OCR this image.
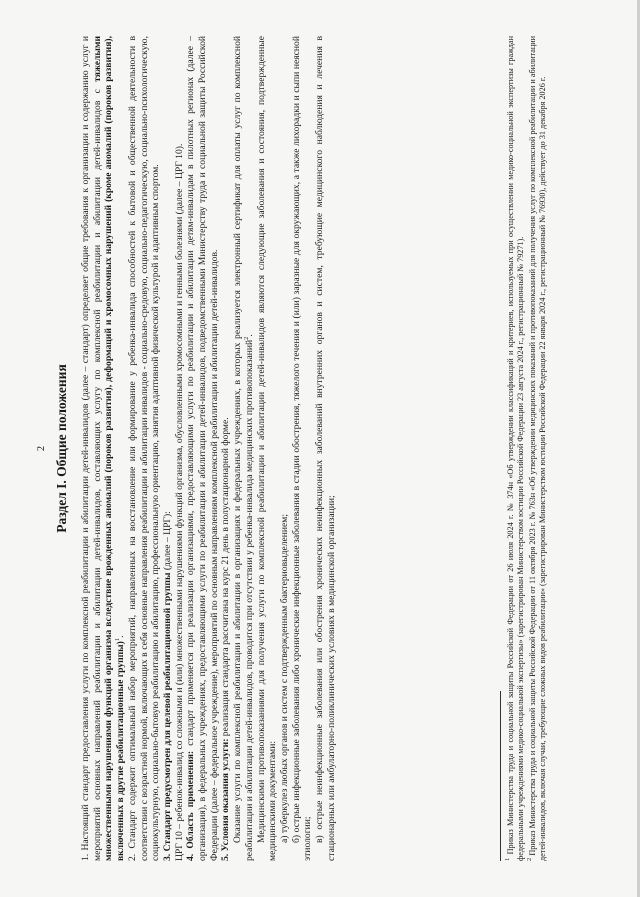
2 Раздел I. Общие положения 1. Настоящий стандарт предоставления услуги по комплексной реабилитации и абилитации детей-инвалидов (далее – стандарт) определяет общие требования к организации и содержанию услуг и мероприятий основных направлений реабилитации и абилитации детей-инвалидов, составляющих услугу по комплексной реабилитации и абилитации детей-инвалидов с тяжелыми множественными нарушениями функций организма вследствие врожденных аномалий (пороков развития), деформаций и хромосомных нарушений (кроме аномалий (пороков развития), включенных в другие реабилитационные группы)$^1$. 2. Стандарт содержит оптимальный набор мероприятий, направленных на восстановление или формирование у ребенка-инвалида способностей к бытовой и общественной деятельности в соответствии с возрастной нормой, включающих в себя основные направления реабилитации и абилитации инвалидов - социально-средовую, социально-педагогическую, социально-психологическую, социокультурную, социально-бытовую реабилитацию и абилитацию, профессиональную ориентацию, занятия адаптивной физической культурой и адаптивным спортом. 3. Стандарт предусмотрен для целевой реабилитационной группы (далее – ЦРГ): ЦРГ 10 – ребенок-инвалид со сложными и (или) множественными нарушениями функций организма, обусловленными хромосомными и генными болезнями (далее – ЦРГ 10). 4. Область применения: стандарт применяется при реализации организациями, предоставляющими услуги по реабилитации и абилитации детям-инвалидам в пилотных регионах (далее – организация), в федеральных учреждениях, предоставляющими услуги по реабилитации и абилитации детей-инвалидов, подведомственными Министерству труда и социальной защиты Российской Федерации (далее – федеральное учреждение), мероприятий по основным направлениям комплексной реабилитации и абилитации детей-инвалидов. 5. Условия оказания услуги: реализация стандарта рассчитана на курс 21 день в полустационарной форме. Оказание услуги по комплексной реабилитации и абилитации в организациях и федеральных учреждениях, в которых реализуется электронный сертификат для оплаты услуг по комплексной реабилитации и абилитации детей-инвалидов, проводится при отсутствии у ребенка-инвалида медицинских противопоказаний$^2$. Медицинскими противопоказаниями для получения услуги по комплексной реабилитации и абилитации детей-инвалидов являются следующие заболевания и состояния, подтвержденные медицинскими документами: а) туберкулез любых органов и систем с подтвержденным бактериовыделением; б) острые инфекционные заболевания либо хронические инфекционные заболевания в стадии обострения, тяжелого течения и (или) заразные для окружающих, а также лихорадки и сыпи неясной этиологии; в) острые неинфекционные заболевания или обострения хронических неинфекционных заболеваний внутренних органов и систем, требующие медицинского наблюдения и лечения в стационарных или амбулаторно-поликлинических условиях в медицинской организации;	$^1$ Приказ Министерства труда и социальной защиты Российской Федерации от 26 июля 2024 г. № 374н «Об утверждении классификаций и критериев, используемых при осуществлении медико-социальной экспертизы граждан федеральными учреждениями медико-социальной экспертизы» (зарегистрирован Министерством юстиции Российской Федерации 23 августа 2024 г., регистрационный № 79271). $^2$ Приказ Министерства труда и социальной защиты Российской Федерации от 11 октября 2023 г. № 763н «Об утверждении медицинских показаний и противопоказаний для получения услуг по комплексной реабилитации и абилитации детей-инвалидов, включая случаи, требующие сложных видов реабилитации» (зарегистрирован Министерством юстиции Российской Федерации 22 января 2024 г., регистрационный № 76930), действует до 31 декабря 2026 г.
